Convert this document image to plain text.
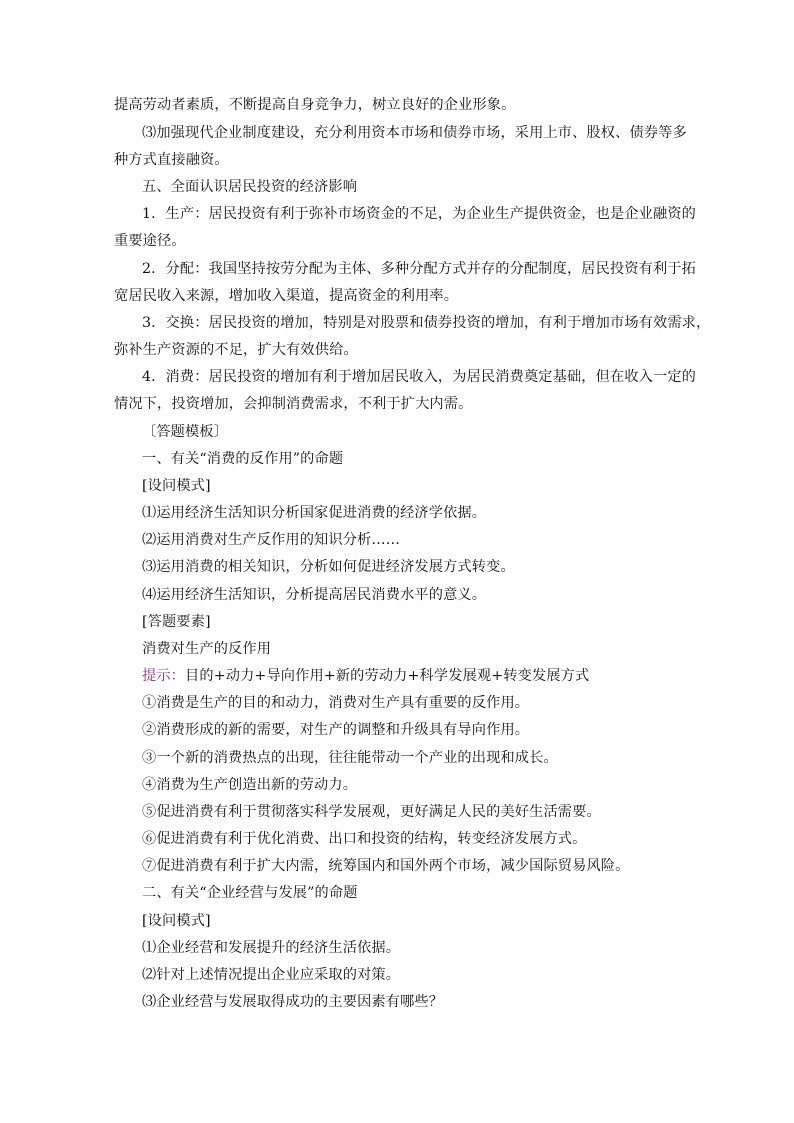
提高劳动者素质，不断提高自身竞争力，树立良好的企业形象。
⑶加强现代企业制度建设，充分利用资本市场和债券市场，采用上市、股权、债券等多
种方式直接融资。
五、全面认识居民投资的经济影响
1．生产：居民投资有利于弥补市场资金的不足，为企业生产提供资金，也是企业融资的
重要途径。
2．分配：我国坚持按劳分配为主体、多种分配方式并存的分配制度，居民投资有利于拓
宽居民收入来源，增加收入渠道，提高资金的利用率。
3．交换：居民投资的增加，特别是对股票和债券投资的增加，有利于增加市场有效需求，
弥补生产资源的不足，扩大有效供给。
4．消费：居民投资的增加有利于增加居民收入，为居民消费奠定基础，但在收入一定的
情况下，投资增加，会抑制消费需求，不利于扩大内需。
〔答题模板〕
一、有关“消费的反作用”的命题
[设问模式]
⑴运用经济生活知识分析国家促进消费的经济学依据。
⑵运用消费对生产反作用的知识分析……
⑶运用消费的相关知识，分析如何促进经济发展方式转变。
⑷运用经济生活知识，分析提高居民消费水平的意义。
[答题要素]
消费对生产的反作用
提示：目的+动力+导向作用+新的劳动力+科学发展观+转变发展方式
①消费是生产的目的和动力，消费对生产具有重要的反作用。
②消费形成的新的需要，对生产的调整和升级具有导向作用。
③一个新的消费热点的出现，往往能带动一个产业的出现和成长。
④消费为生产创造出新的劳动力。
⑤促进消费有利于贯彻落实科学发展观，更好满足人民的美好生活需要。
⑥促进消费有利于优化消费、出口和投资的结构，转变经济发展方式。
⑦促进消费有利于扩大内需，统筹国内和国外两个市场，减少国际贸易风险。
二、有关“企业经营与发展”的命题
[设问模式]
⑴企业经营和发展提升的经济生活依据。
⑵针对上述情况提出企业应采取的对策。
⑶企业经营与发展取得成功的主要因素有哪些？
